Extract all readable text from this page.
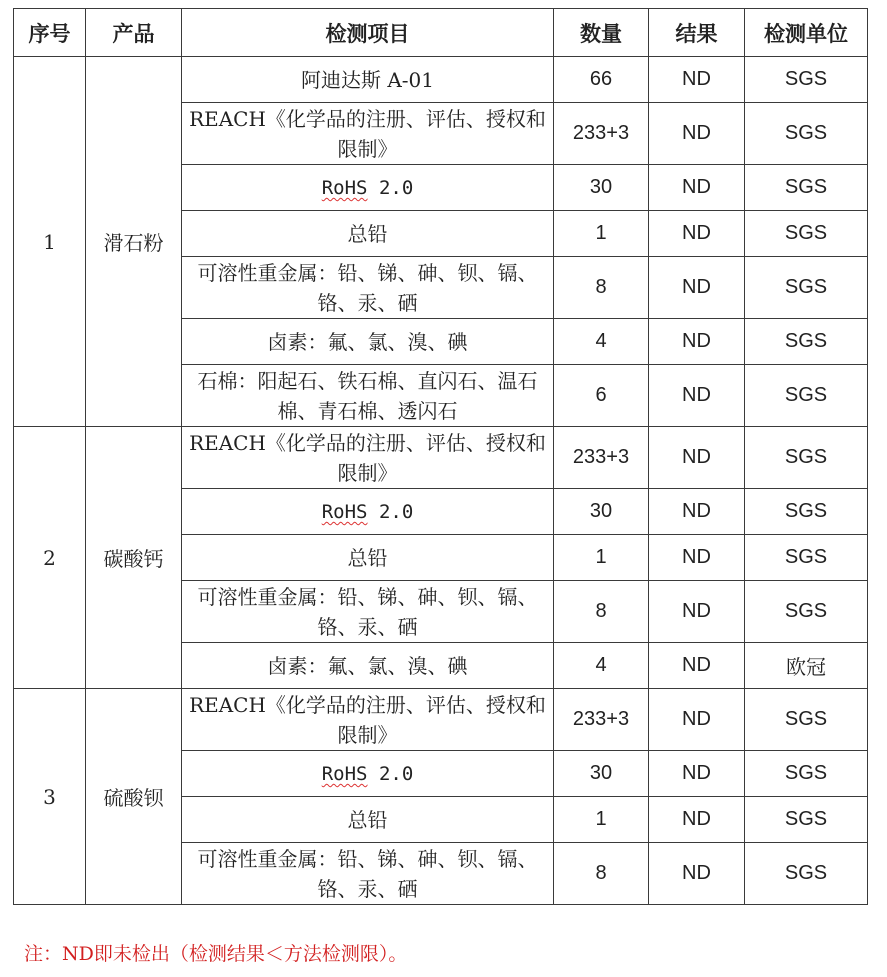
序号	产品	检测项目	数量	结果	检测单位
1	滑石粉	阿迪达斯 A-01	66	ND	SGS
		REACH《化学品的注册、评估、授权和限制》	233+3	ND	SGS
		RoHS 2.0	30	ND	SGS
		总铅	1	ND	SGS
		可溶性重金属：铅、锑、砷、钡、镉、铬、汞、硒	8	ND	SGS
		卤素：氟、氯、溴、碘	4	ND	SGS
		石棉：阳起石、铁石棉、直闪石、温石棉、青石棉、透闪石	6	ND	SGS
2	碳酸钙	REACH《化学品的注册、评估、授权和限制》	233+3	ND	SGS
		RoHS 2.0	30	ND	SGS
		总铅	1	ND	SGS
		可溶性重金属：铅、锑、砷、钡、镉、铬、汞、硒	8	ND	SGS
		卤素：氟、氯、溴、碘	4	ND	欧冠
3	硫酸钡	REACH《化学品的注册、评估、授权和限制》	233+3	ND	SGS
		RoHS 2.0	30	ND	SGS
		总铅	1	ND	SGS
		可溶性重金属：铅、锑、砷、钡、镉、铬、汞、硒	8	ND	SGS
注：ND即未检出（检测结果＜方法检测限）。
